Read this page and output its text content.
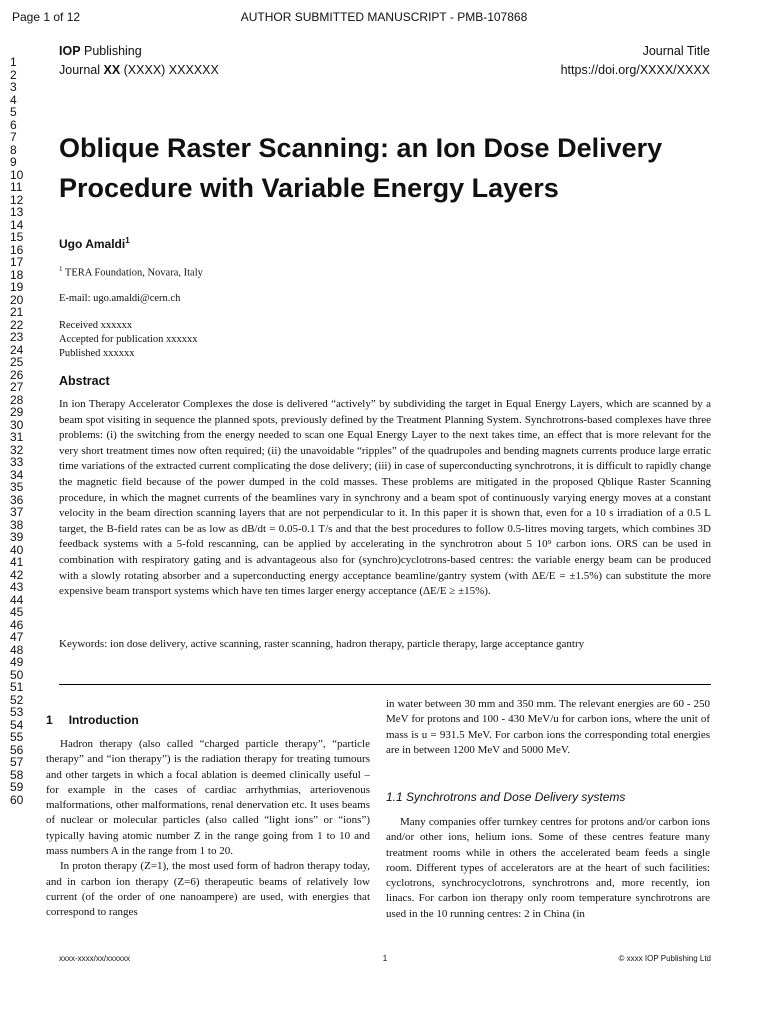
Page 1 of 12	AUTHOR SUBMITTED MANUSCRIPT - PMB-107868
1
2
3
4
5
6
7
8
9
10
11
12
13
14
15
16
17
18
19
20
21
22
23
24
25
26
27
28
29
30
31
32
33
34
35
36
37
38
39
40
41
42
43
44
45
46
47
48
49
50
51
52
53
54
55
56
57
58
59
60
IOP Publishing	Journal Title
Journal XX (XXXX) XXXXXX	https://doi.org/XXXX/XXXX
Oblique Raster Scanning: an Ion Dose Delivery Procedure with Variable Energy Layers
Ugo Amaldi$^1$
$^1$ TERA Foundation, Novara, Italy
E-mail: ugo.amaldi@cern.ch
Received xxxxxx
Accepted for publication xxxxxx
Published xxxxxx
Abstract
In ion Therapy Accelerator Complexes the dose is delivered “actively” by subdividing the target in Equal Energy Layers, which are scanned by a beam spot visiting in sequence the planned spots, previously defined by the Treatment Planning System. Synchrotrons-based complexes have three problems: (i) the switching from the energy needed to scan one Equal Energy Layer to the next takes time, an effect that is more relevant for the very short treatment times now often required; (ii) the unavoidable “ripples” of the quadrupoles and bending magnets currents produce large erratic time variations of the extracted current complicating the dose delivery; (iii) in case of superconducting synchrotrons, it is difficult to rapidly change the magnetic field because of the power dumped in the cold masses. These problems are mitigated in the proposed Qblique Raster Scanning procedure, in which the magnet currents of the beamlines vary in synchrony and a beam spot of continuously varying energy moves at a constant velocity in the beam direction scanning layers that are not perpendicular to it. In this paper it is shown that, even for a 10 s irradiation of a 0.5 L target, the B-field rates can be as low as dB/dt = 0.05-0.1 T/s and that the best procedures to follow 0.5-litres moving targets, which combines 3D feedback systems with a 5-fold rescanning, can be applied by accelerating in the synchrotron about 5 10⁹ carbon ions. ORS can be used in combination with respiratory gating and is advantageous also for (synchro)cyclotrons-based centres: the variable energy beam can be produced with a slowly rotating absorber and a superconducting energy acceptance beamline/gantry system (with ΔE/E = ±1.5%) can substitute the more expensive beam transport systems which have ten times larger energy acceptance (ΔE/E ≥ ±15%).
Keywords: ion dose delivery, active scanning, raster scanning, hadron therapy, particle therapy, large acceptance gantry
1 Introduction

Hadron therapy (also called “charged particle therapy”, “particle therapy” and “ion therapy”) is the radiation therapy for treating tumours and other targets in which a focal ablation is deemed clinically useful – for example in the cases of cardiac arrhythmias, arteriovenous malformations, other malformations, renal denervation etc. It uses beams of nuclear or molecular particles (also called “light ions” or “ions”) typically having atomic number Z in the range going from 1 to 10 and mass numbers A in the range from 1 to 20.

In proton therapy (Z=1), the most used form of hadron therapy today, and in carbon ion therapy (Z=6) therapeutic beams of relatively low current (of the order of one nanoampere) are used, with energies that correspond to ranges

in water between 30 mm and 350 mm. The relevant energies are 60 - 250 MeV for protons and 100 - 430 MeV/u for carbon ions, where the unit of mass is u = 931.5 MeV. For carbon ions the corresponding total energies are in between 1200 MeV and 5000 MeV.

1.1 Synchrotrons and Dose Delivery systems

Many companies offer turnkey centres for protons and/or carbon ions and/or other ions, helium ions. Some of these centres feature many treatment rooms while in others the accelerated beam feeds a single room. Different types of accelerators are at the heart of such facilities: cyclotrons, synchrocyclotrons, synchrotrons and, more recently, ion linacs. For carbon ion therapy only room temperature synchrotrons are used in the 10 running centres: 2 in China (in

xxxx-xxxx/xx/xxxxxx	1	© xxxx IOP Publishing Ltd
